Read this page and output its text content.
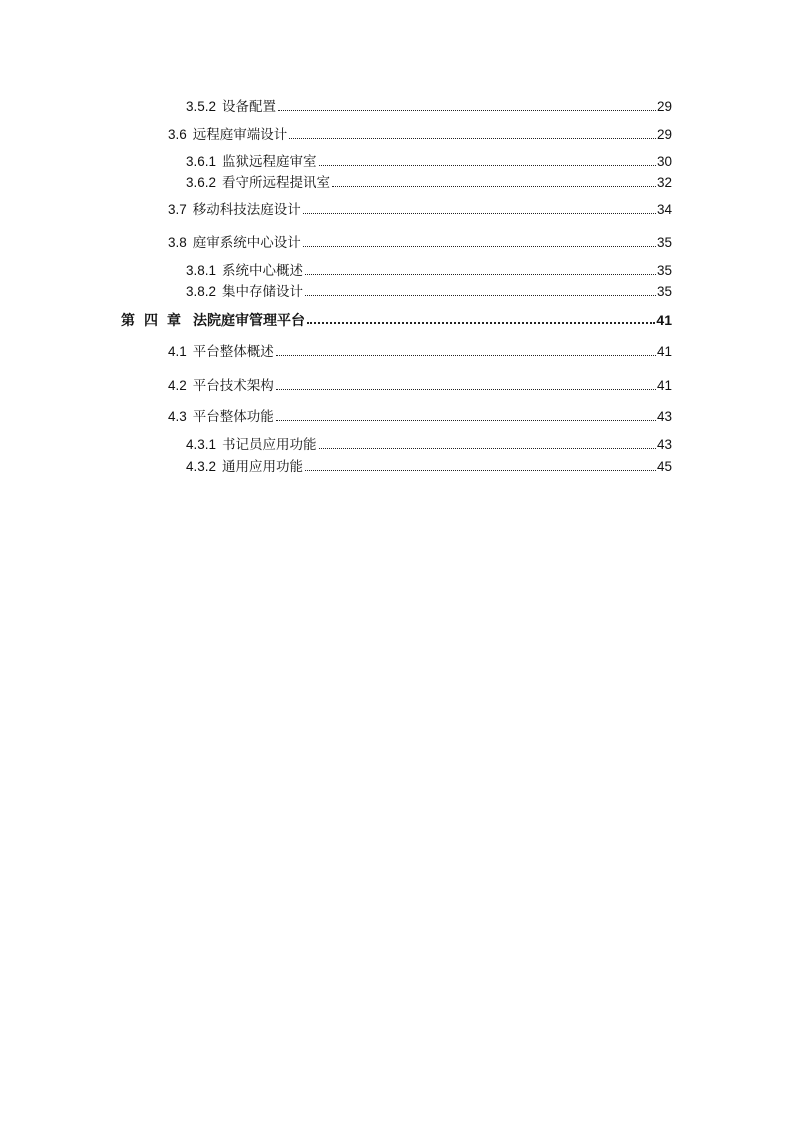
3.5.2 设备配置	29
3.6 远程庭审端设计	29
3.6.1 监狱远程庭审室	30
3.6.2 看守所远程提讯室	32
3.7 移动科技法庭设计	34
3.8 庭审系统中心设计	35
3.8.1 系统中心概述	35
3.8.2 集中存储设计	35
第四章 法院庭审管理平台	41
4.1 平台整体概述	41
4.2 平台技术架构	41
4.3 平台整体功能	43
4.3.1 书记员应用功能	43
4.3.2 通用应用功能	45
